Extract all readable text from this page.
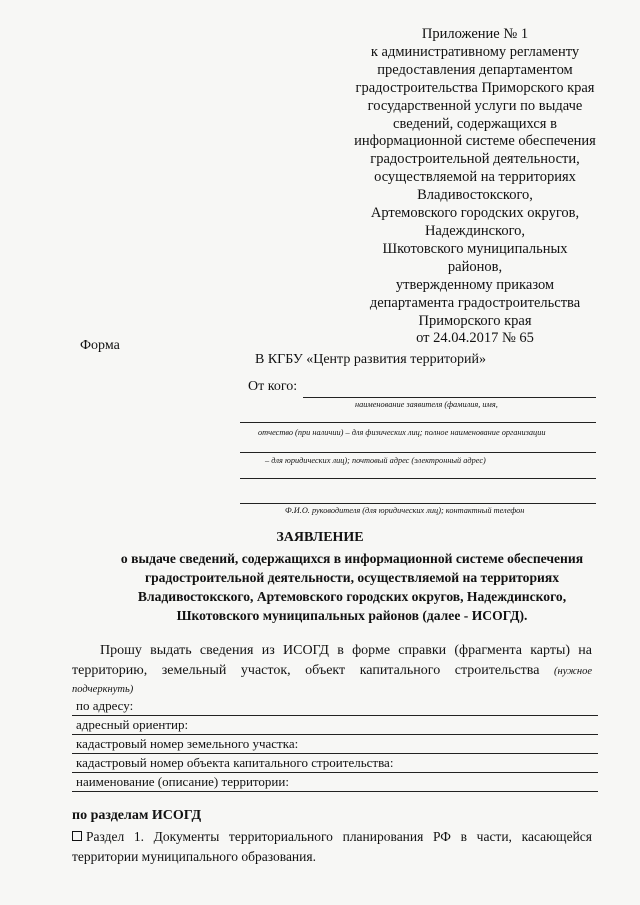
Приложение № 1
к административному регламенту
предоставления департаментом
градостроительства Приморского края
государственной услуги по выдаче
сведений, содержащихся в
информационной системе обеспечения
градостроительной деятельности,
осуществляемой на территориях
Владивостокского,
Артемовского городских округов,
Надеждинского,
Шкотовского муниципальных
районов,
утвержденному приказом
департамента градостроительства
Приморского края
от 24.04.2017 № 65
Форма
В КГБУ «Центр развития территорий»
От кого:
наименование заявителя (фамилия, имя,
отчество (при наличии) – для физических лиц; полное наименование организации
– для юридических лиц); почтовый адрес (электронный адрес)
Ф.И.О. руководителя (для юридических лиц); контактный телефон
ЗАЯВЛЕНИЕ
о выдаче сведений, содержащихся в информационной системе обеспечения
градостроительной деятельности, осуществляемой на территориях
Владивостокского, Артемовского городских округов, Надеждинского,
Шкотовского муниципальных районов (далее - ИСОГД).
Прошу выдать сведения из ИСОГД в форме справки (фрагмента карты) на
территорию, земельный участок, объект капитального строительства (нужное
подчеркнуть)
по адресу:
адресный ориентир:
кадастровый номер земельного участка:
кадастровый номер объекта капитального строительства:
наименование (описание) территории:
по разделам ИСОГД
Раздел 1. Документы территориального планирования РФ в части, касающейся
территории муниципального образования.
